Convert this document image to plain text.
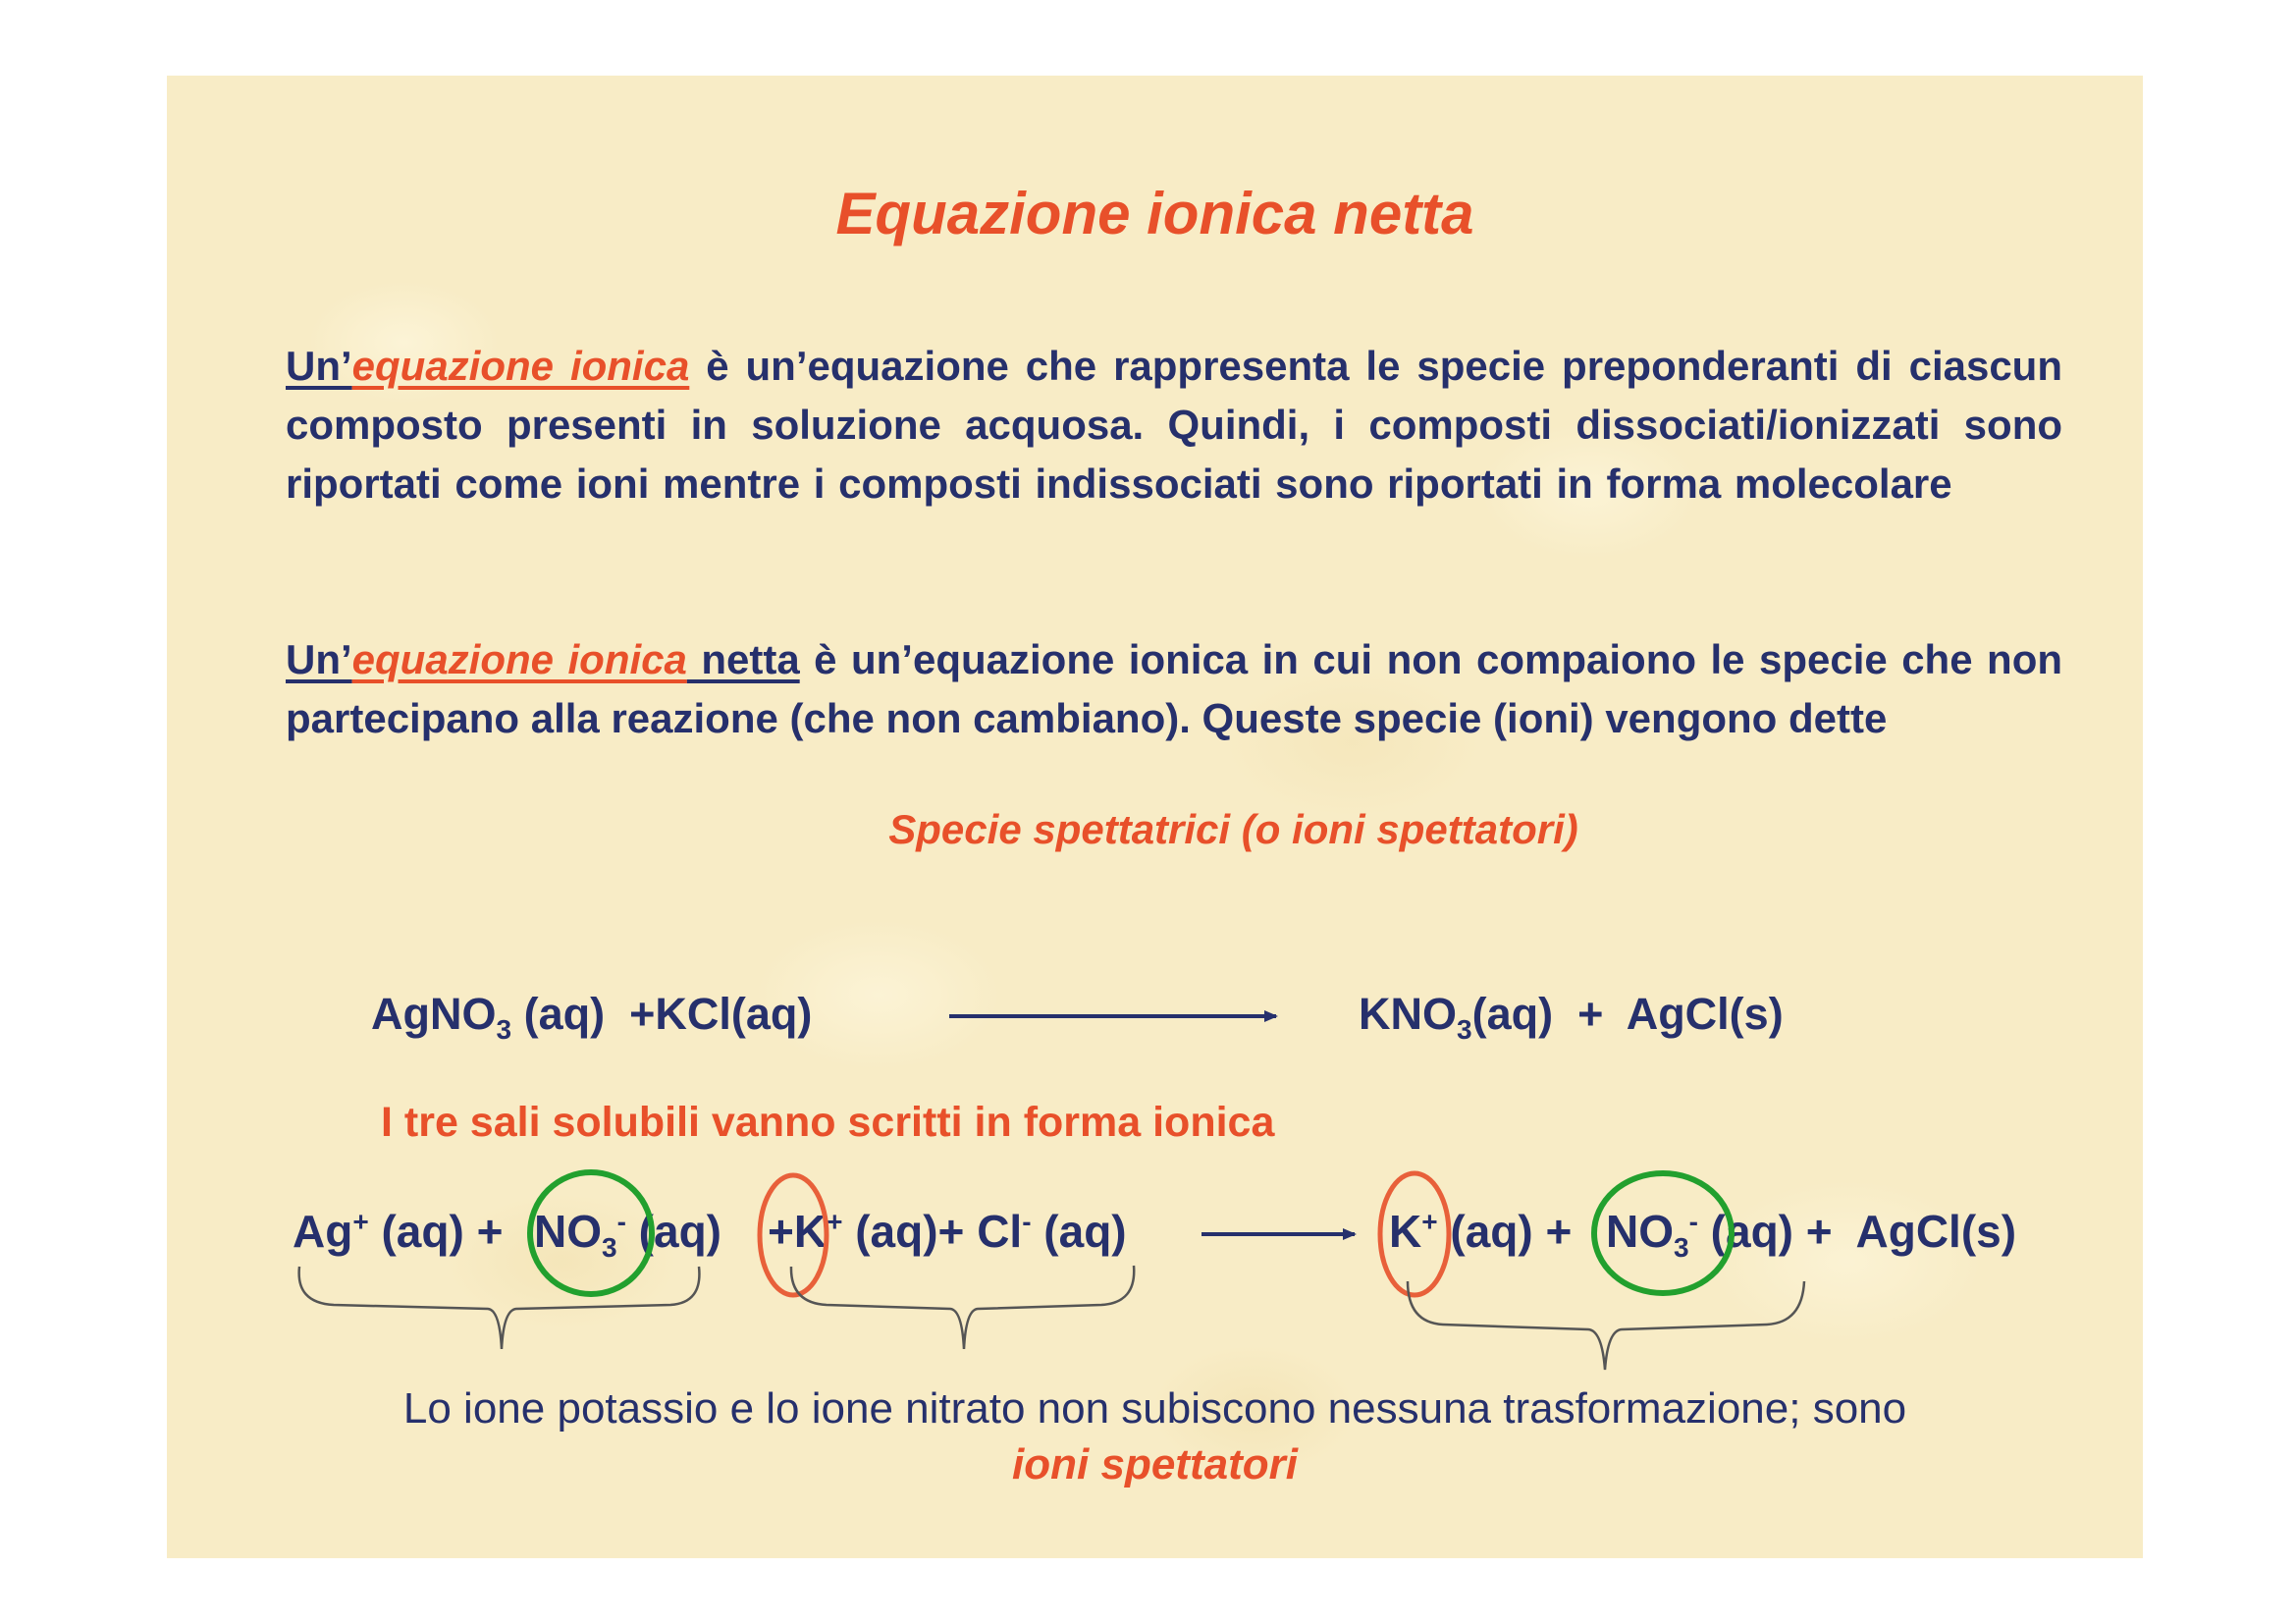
Equazione ionica netta

Un’equazione ionica è un’equazione che rappresenta le specie preponderanti di ciascun composto presenti in soluzione acquosa. Quindi, i composti dissociati/ionizzati sono riportati come ioni mentre i composti indissociati sono riportati in forma molecolare

Un’equazione ionica netta è un’equazione ionica in cui non compaiono le specie che non partecipano alla reazione (che non cambiano). Queste specie (ioni) vengono dette

Specie spettatrici (o ioni spettatori)

AgNO$_3$ (aq)  +KCl(aq)	$KNO_3(aq)$  +  AgCl(s)

I tre sali solubili vanno scritti in forma ionica

Ag+ $(aq) + NO_3^-$ (aq) +K+ (aq)+ Cl- (aq)	K+ $(aq) + NO_3^-$ (aq) +  AgCl(s)

Lo ione potassio e lo ione nitrato non subiscono nessuna trasformazione; sono

ioni spettatori
